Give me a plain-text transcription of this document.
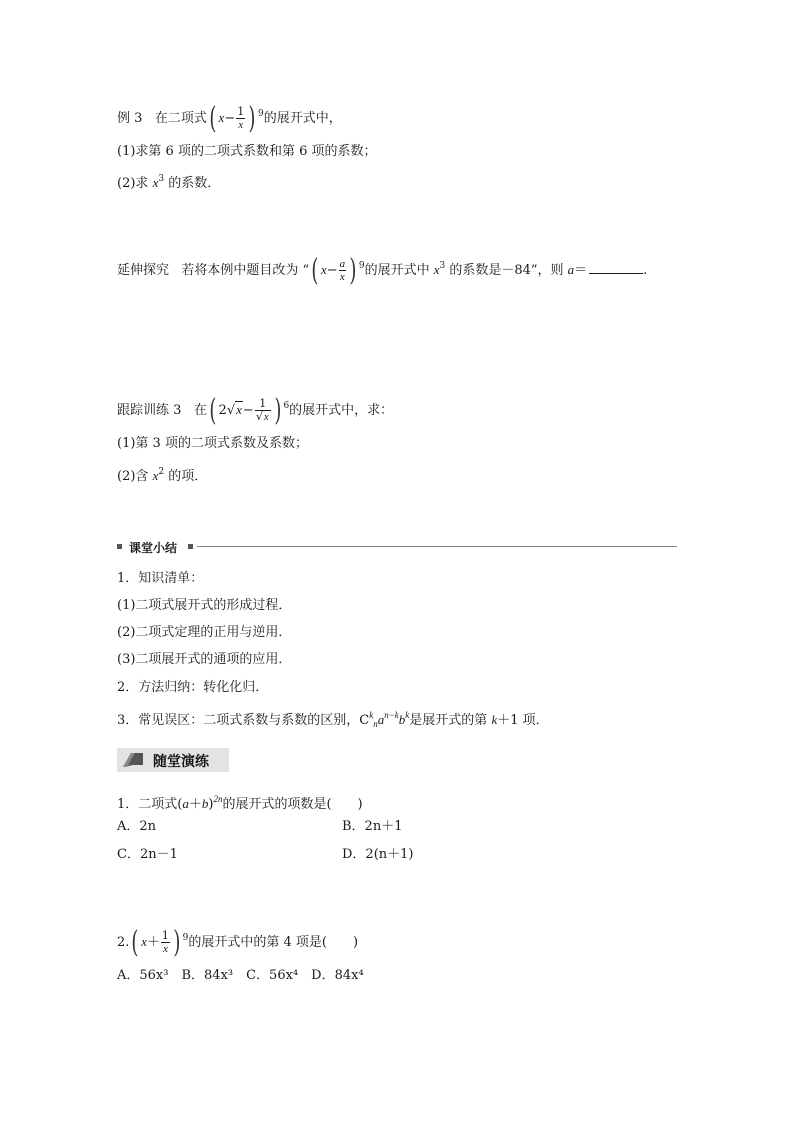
例 3 在二项式( $x- \frac{1}{x}$ ) $^9$的展开式中，
(1)求第 6 项的二项式系数和第 6 项的系数；
(2)求 $x^3$ 的系数．
延伸探究 若将本例中题目改为 “( $x- \frac{a}{x}$ ) $^9$的展开式中 $x^3$ 的系数是－84”，则 a＝	.
跟踪训练 3 在( $2√x- \frac{1}{√x}$ ) $^6$的展开式中，求：
(1)第 3 项的二项式系数及系数；
(2)含 $x^2$ 的项．
课堂小结
1．知识清单：
(1)二项式展开式的形成过程．
(2)二项式定理的正用与逆用．
(3)二项展开式的通项的应用．
2．方法归纳：转化化归．
3．常见误区：二项式系数与系数的区别，$C^k_na^{n-k}b^k$是展开式的第 k＋1 项．
随堂演练
1．二项式$(a+b)^{2n}$的展开式的项数是(　　)
A．2n	B．2n＋1
C．2n－1	D．2(n＋1)
2.( $x+ \frac{1}{x}$ ) $^9$的展开式中的第 4 项是(　　)
A．56x³　B．84x³　C．56x⁴　D．84x⁴
